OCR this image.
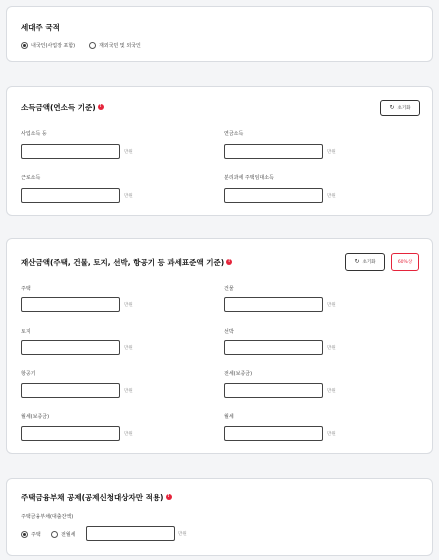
세대주 국적
내국인(사업장 포함)	재외국민 및 외국인
소득금액(연소득 기준) !	↻ 초기화
사업소득 등
만원
연금소득
만원
근로소득
만원
분리과세 주택임대소득
만원
재산금액(주택, 건물, 토지, 선박, 항공기 등 과세표준액 기준) !	↻ 초기화	60%상
주택
만원
건물
만원
토지
만원
선박
만원
항공기
만원
전세(보증금)
만원
월세(보증금)
만원
월세
만원
주택금융부채 공제(공제신청대상자만 적용) !
주택금융부채(대출잔액)
주택	전월세	만원
